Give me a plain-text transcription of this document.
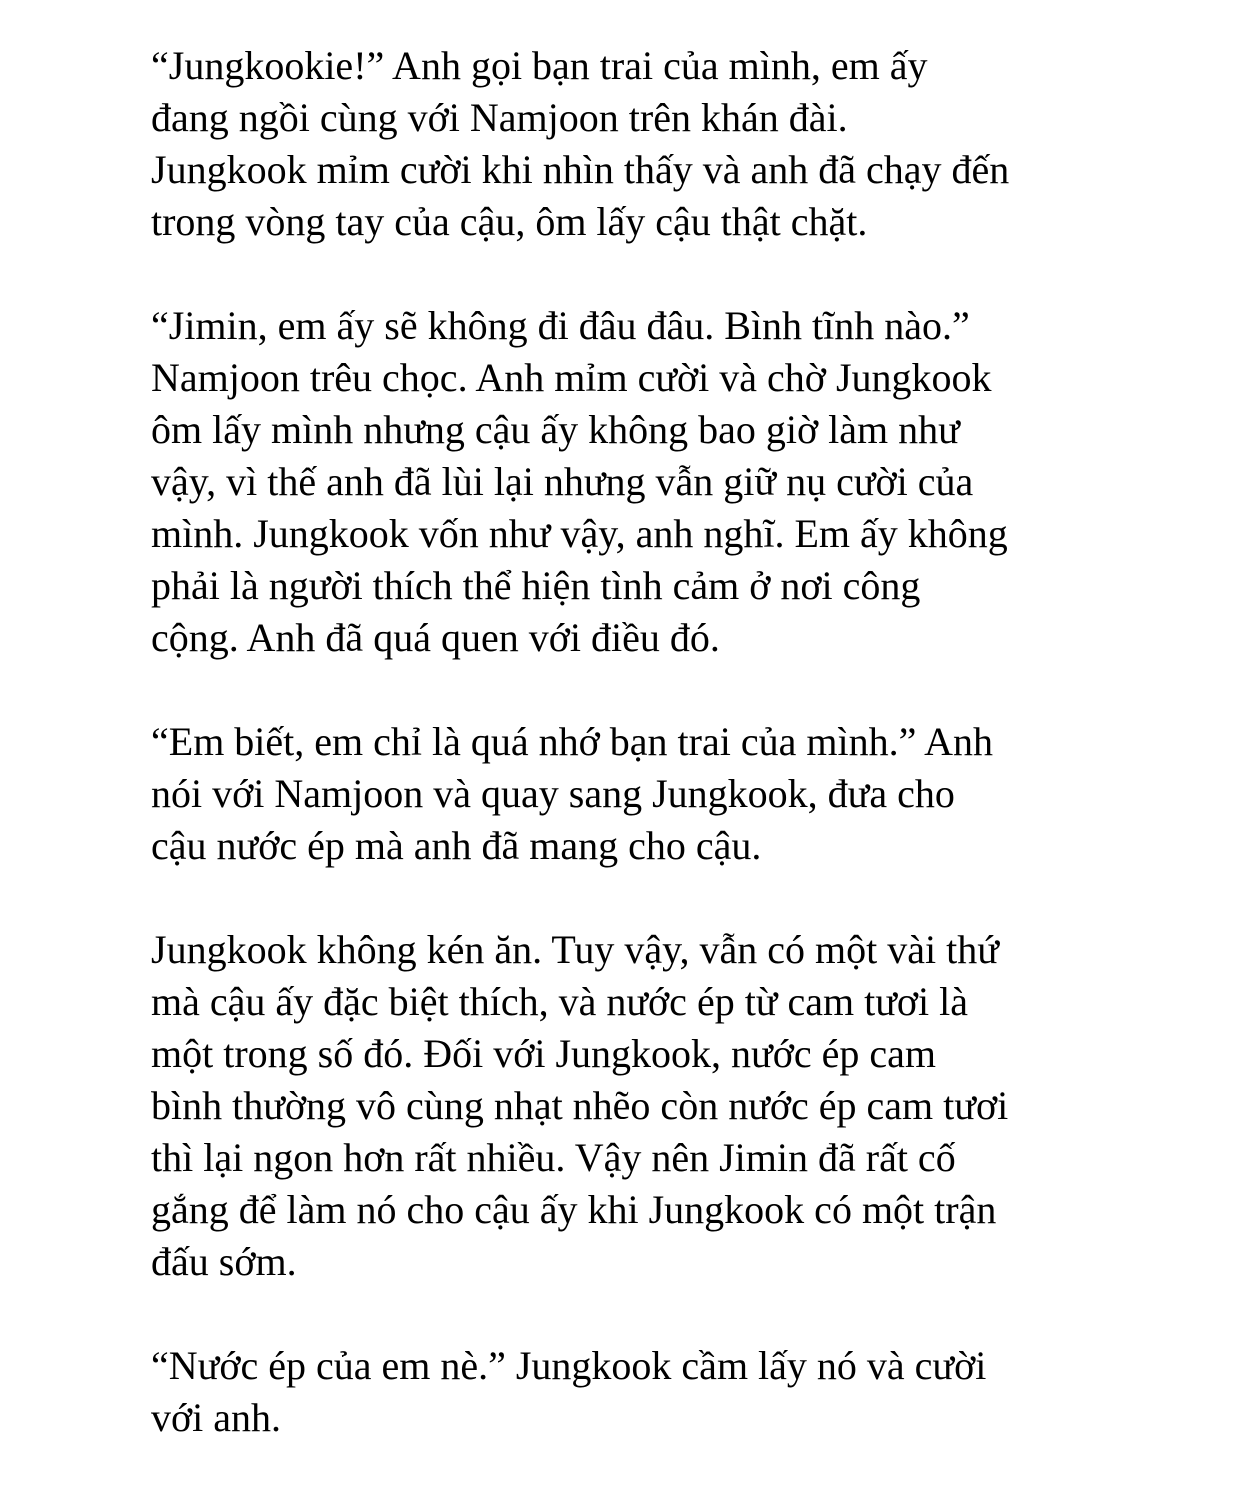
“Jungkookie!” Anh gọi bạn trai của mình, em ấy
đang ngồi cùng với Namjoon trên khán đài.
Jungkook mỉm cười khi nhìn thấy và anh đã chạy đến
trong vòng tay của cậu, ôm lấy cậu thật chặt.

“Jimin, em ấy sẽ không đi đâu đâu. Bình tĩnh nào.”
Namjoon trêu chọc. Anh mỉm cười và chờ Jungkook
ôm lấy mình nhưng cậu ấy không bao giờ làm như
vậy, vì thế anh đã lùi lại nhưng vẫn giữ nụ cười của
mình. Jungkook vốn như vậy, anh nghĩ. Em ấy không
phải là người thích thể hiện tình cảm ở nơi công
cộng. Anh đã quá quen với điều đó.

“Em biết, em chỉ là quá nhớ bạn trai của mình.” Anh
nói với Namjoon và quay sang Jungkook, đưa cho
cậu nước ép mà anh đã mang cho cậu.

Jungkook không kén ăn. Tuy vậy, vẫn có một vài thứ
mà cậu ấy đặc biệt thích, và nước ép từ cam tươi là
một trong số đó. Đối với Jungkook, nước ép cam
bình thường vô cùng nhạt nhẽo còn nước ép cam tươi
thì lại ngon hơn rất nhiều. Vậy nên Jimin đã rất cố
gắng để làm nó cho cậu ấy khi Jungkook có một trận
đấu sớm.

“Nước ép của em nè.” Jungkook cầm lấy nó và cười
với anh.
